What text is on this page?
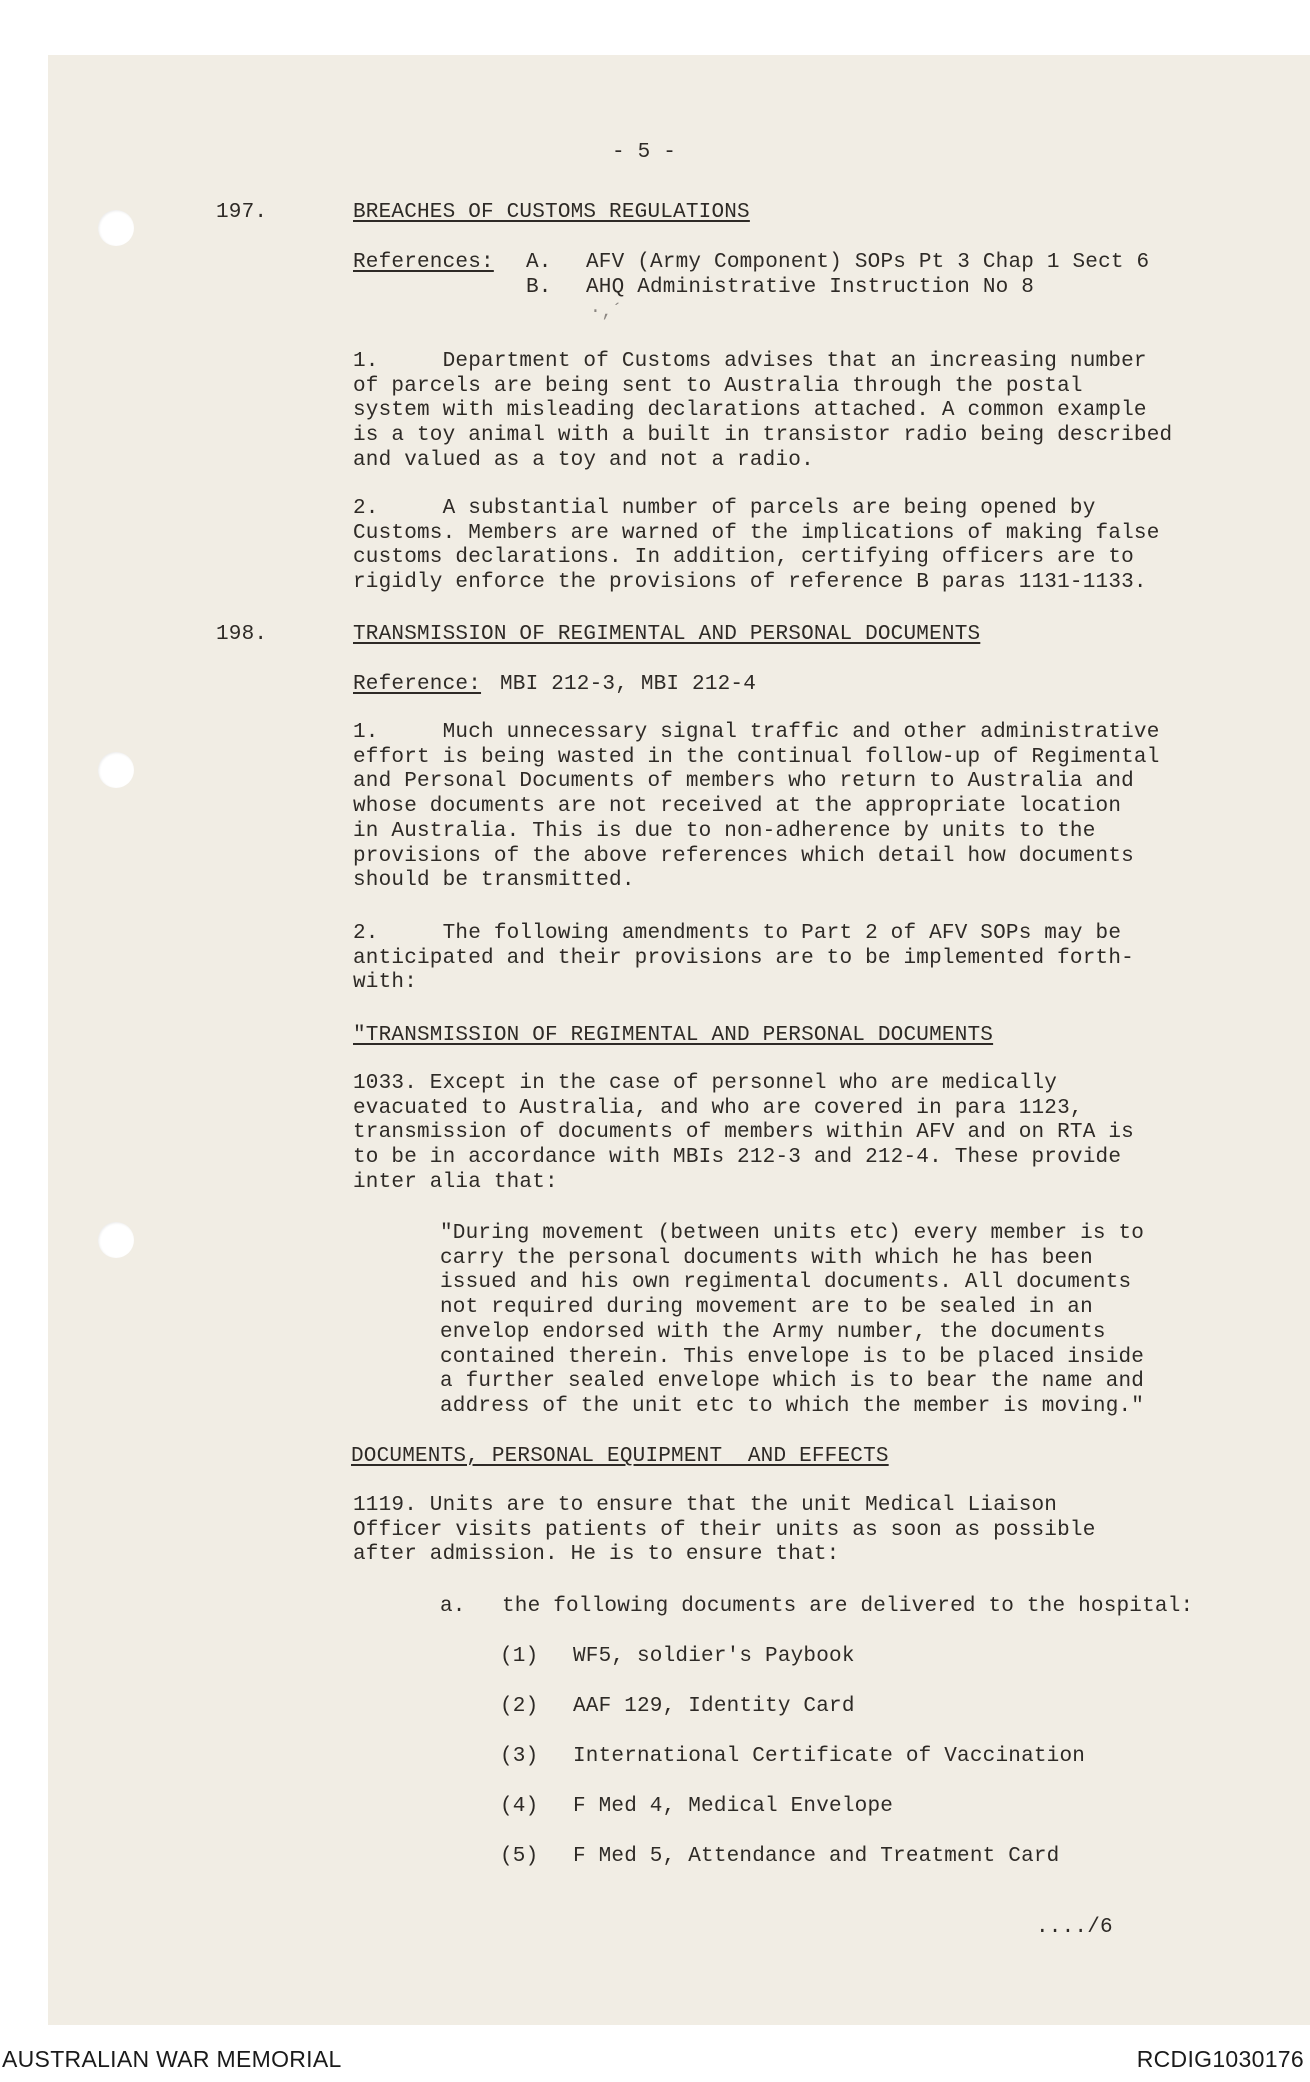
- 5 -
197.	BREACHES OF CUSTOMS REGULATIONS
References: A. AFV (Army Component) SOPs Pt 3 Chap 1 Sect 6
B. AHQ Administrative Instruction No 8
·‚´
1.     Department of Customs advises that an increasing number
of parcels are being sent to Australia through the postal
system with misleading declarations attached. A common example
is a toy animal with a built in transistor radio being described
and valued as a toy and not a radio.
2.     A substantial number of parcels are being opened by
Customs. Members are warned of the implications of making false
customs declarations. In addition, certifying officers are to
rigidly enforce the provisions of reference B paras 1131-1133.
198.	TRANSMISSION OF REGIMENTAL AND PERSONAL DOCUMENTS
Reference: MBI 212-3, MBI 212-4
1.     Much unnecessary signal traffic and other administrative
effort is being wasted in the continual follow-up of Regimental
and Personal Documents of members who return to Australia and
whose documents are not received at the appropriate location
in Australia. This is due to non-adherence by units to the
provisions of the above references which detail how documents
should be transmitted.
2.     The following amendments to Part 2 of AFV SOPs may be
anticipated and their provisions are to be implemented forth-
with:
"TRANSMISSION OF REGIMENTAL AND PERSONAL DOCUMENTS
1033. Except in the case of personnel who are medically
evacuated to Australia, and who are covered in para 1123,
transmission of documents of members within AFV and on RTA is
to be in accordance with MBIs 212-3 and 212-4. These provide
inter alia that:
"During movement (between units etc) every member is to
carry the personal documents with which he has been
issued and his own regimental documents. All documents
not required during movement are to be sealed in an
envelop endorsed with the Army number, the documents
contained therein. This envelope is to be placed inside
a further sealed envelope which is to bear the name and
address of the unit etc to which the member is moving."
DOCUMENTS, PERSONAL EQUIPMENT  AND EFFECTS
1119. Units are to ensure that the unit Medical Liaison
Officer visits patients of their units as soon as possible
after admission. He is to ensure that:
a. the following documents are delivered to the hospital:
(1) WF5, soldier's Paybook
(2) AAF 129, Identity Card
(3) International Certificate of Vaccination
(4) F Med 4, Medical Envelope
(5) F Med 5, Attendance and Treatment Card
..../6
AUSTRALIAN WAR MEMORIAL	RCDIG1030176
